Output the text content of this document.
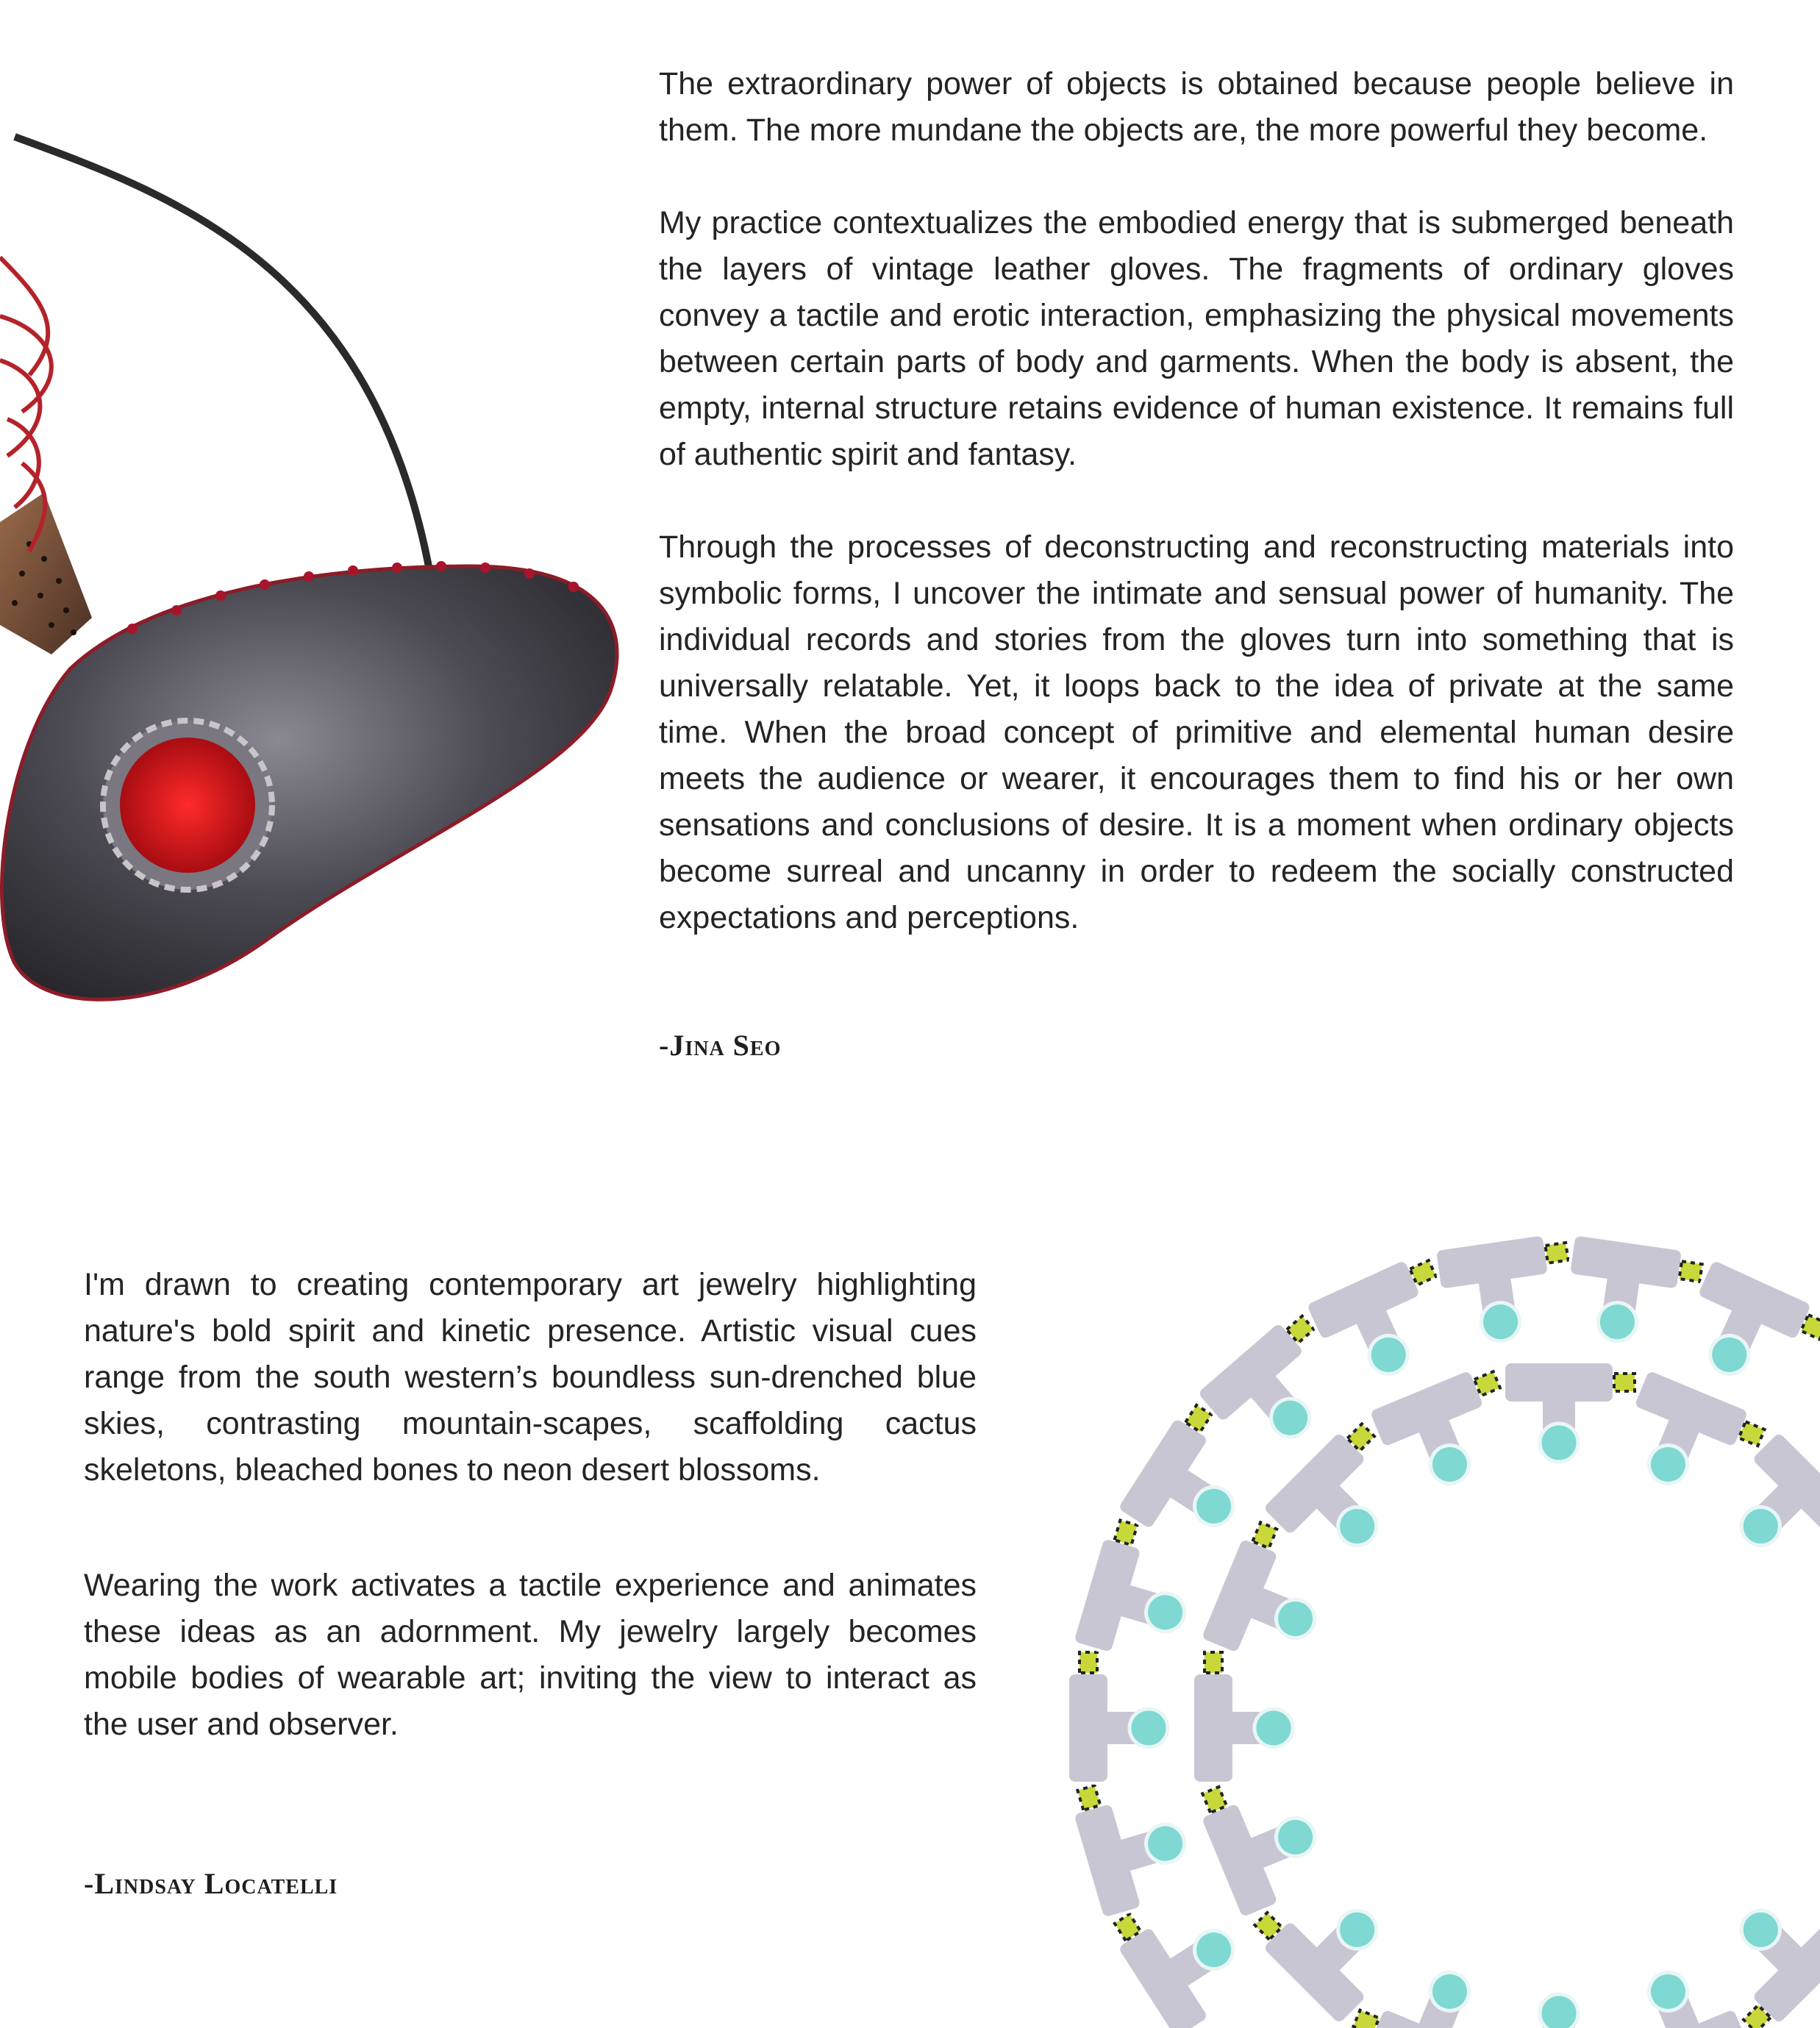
The extraordinary power of objects is obtained because people believe in them. The more mundane the objects are, the more powerful they become.

My practice contextualizes the embodied energy that is submerged beneath the layers of vintage leather gloves. The fragments of ordinary gloves convey a tactile and erotic interaction, emphasizing the physical movements between certain parts of body and garments. When the body is absent, the empty, internal structure retains evidence of human existence. It remains full of authentic spirit and fantasy.

Through the processes of deconstructing and reconstructing materials into symbolic forms, I uncover the intimate and sensual power of humanity. The individual records and stories from the gloves turn into something that is universally relatable. Yet, it loops back to the idea of private at the same time. When the broad concept of primitive and elemental human desire meets the audience or wearer, it encourages them to find his or her own sensations and conclusions of desire. It is a moment when ordinary objects become surreal and uncanny in order to redeem the socially constructed expectations and perceptions.

-Jina Seo

I'm drawn to creating contemporary art jewelry highlighting nature's bold spirit and kinetic presence. Artistic visual cues range from the south western’s boundless sun-drenched blue skies, contrasting mountain-scapes, scaffolding cactus skeletons, bleached bones to neon desert blossoms.

Wearing the work activates a tactile experience and animates these ideas as an adornment. My jewelry largely becomes mobile bodies of wearable art; inviting the view to interact as the user and observer.

-Lindsay Locatelli
